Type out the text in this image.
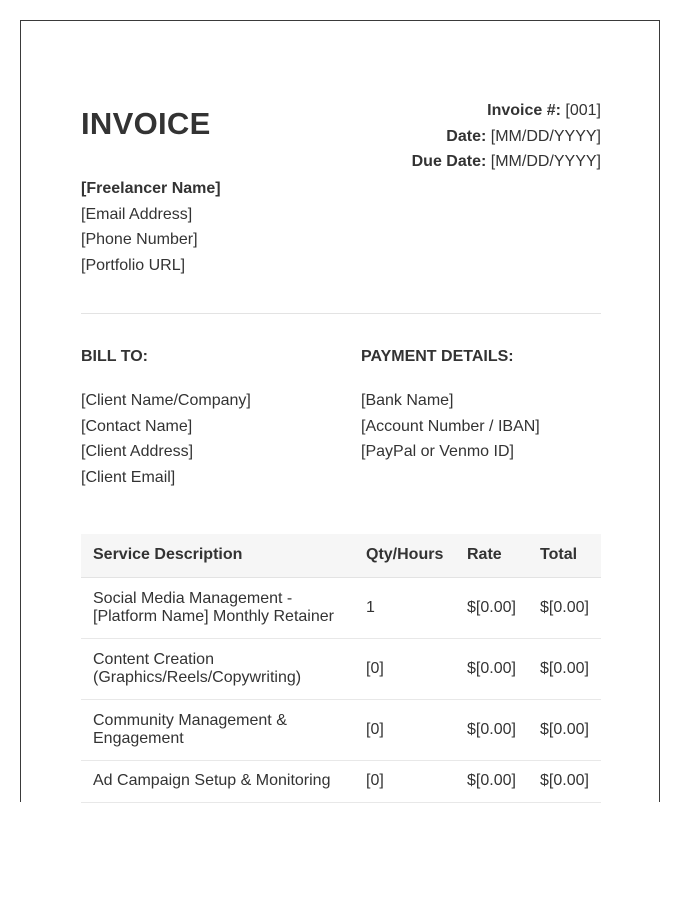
INVOICE	Invoice #: [001]
Date: [MM/DD/YYYY]
Due Date: [MM/DD/YYYY]
[Freelancer Name]
[Email Address]
[Phone Number]
[Portfolio URL]
BILL TO:	PAYMENT DETAILS:
[Client Name/Company]
[Contact Name]
[Client Address]
[Client Email]
[Bank Name]
[Account Number / IBAN]
[PayPal or Venmo ID]
Service Description	Qty/Hours	Rate	Total

Social Media Management -
[Platform Name] Monthly Retainer	1	$[0.00]	$[0.00]

Content Creation
(Graphics/Reels/Copywriting)	[0]	$[0.00]	$[0.00]

Community Management &
Engagement	[0]	$[0.00]	$[0.00]

Ad Campaign Setup & Monitoring	[0]	$[0.00]	$[0.00]
